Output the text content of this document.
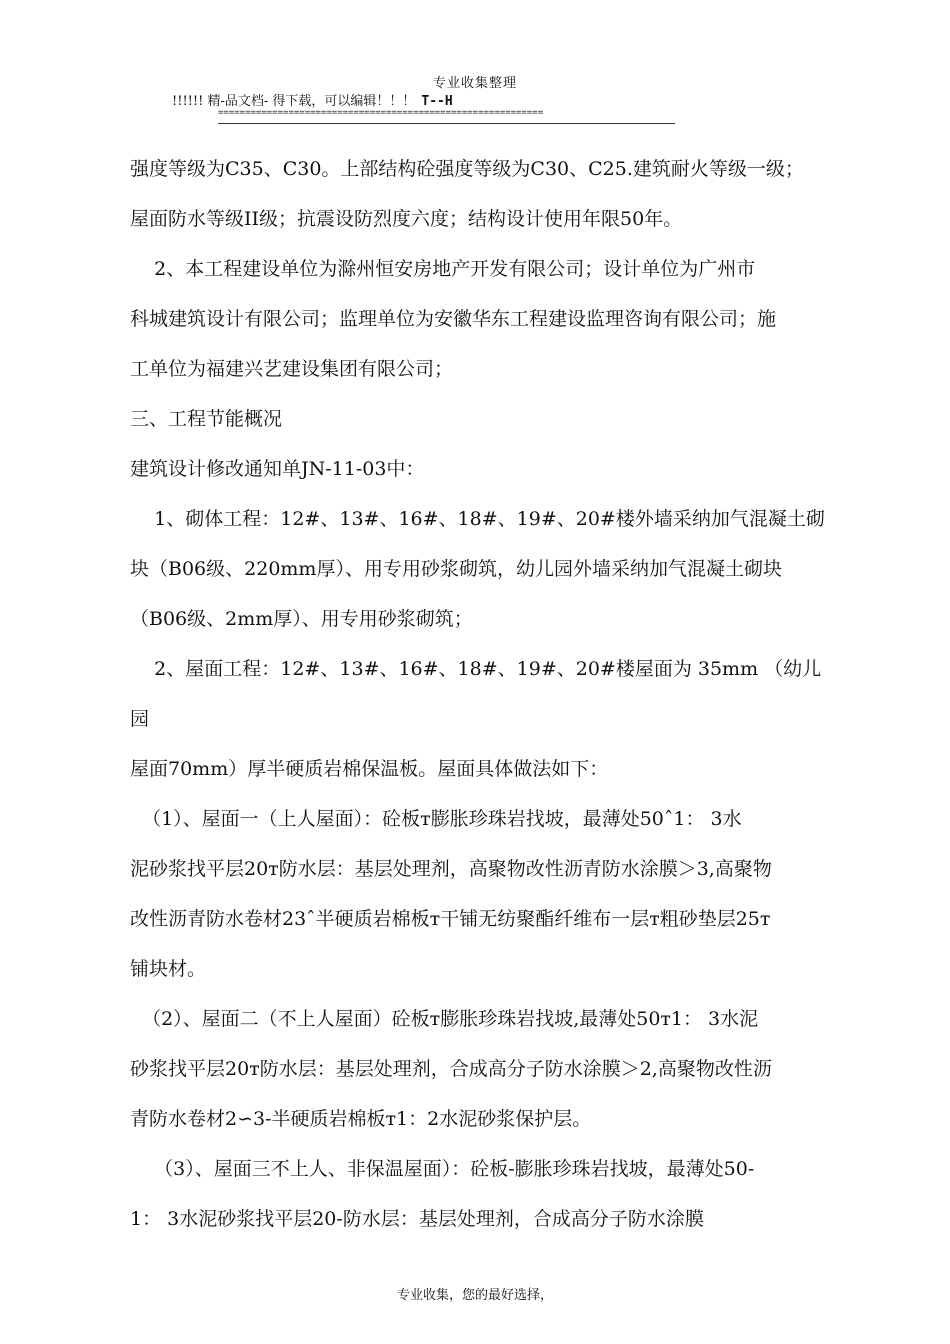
专业收集整理
!!!!!! 精-品文档- 得下载，可以编辑！！！ T--H
============================================================

强度等级为C35、C30。上部结构砼强度等级为C30、C25.建筑耐火等级一级；

屋面防水等级II级；抗震设防烈度六度；结构设计使用年限50年。

2、本工程建设单位为滁州恒安房地产开发有限公司；设计单位为广州市

科城建筑设计有限公司；监理单位为安徽华东工程建设监理咨询有限公司；施

工单位为福建兴艺建设集团有限公司；

三、工程节能概况

建筑设计修改通知单JN-11-03中：

1、砌体工程：12#、13#、16#、18#、19#、20#楼外墙采纳加气混凝土砌

块（B06级、220mm厚）、用专用砂浆砌筑，幼儿园外墙采纳加气混凝土砌块

（B06级、2mm厚）、用专用砂浆砌筑；

2、屋面工程：12#、13#、16#、18#、19#、20#楼屋面为 35mm （幼儿园

屋面70mm）厚半硬质岩棉保温板。屋面具体做法如下：

（1）、屋面一（上人屋面）：砼板т膨胀珍珠岩找坡，最薄处50ˆ1： 3水

泥砂浆找平层20т防水层：基层处理剂，高聚物改性沥青防水涂膜＞3,高聚物

改性沥青防水卷材23ˆ半硬质岩棉板т干铺无纺聚酯纤维布一层т粗砂垫层25т

铺块材。

（2）、屋面二（不上人屋面）砼板т膨胀珍珠岩找坡,最薄处50т1： 3水泥

砂浆找平层20т防水层：基层处理剂，合成高分子防水涂膜＞2,高聚物改性沥

青防水卷材2∽3-半硬质岩棉板т1：2水泥砂浆保护层。

（3）、屋面三不上人、非保温屋面）：砼板-膨胀珍珠岩找坡，最薄处50-

1： 3水泥砂浆找平层20-防水层：基层处理剂，合成高分子防水涂膜

专业收集，您的最好选择，
